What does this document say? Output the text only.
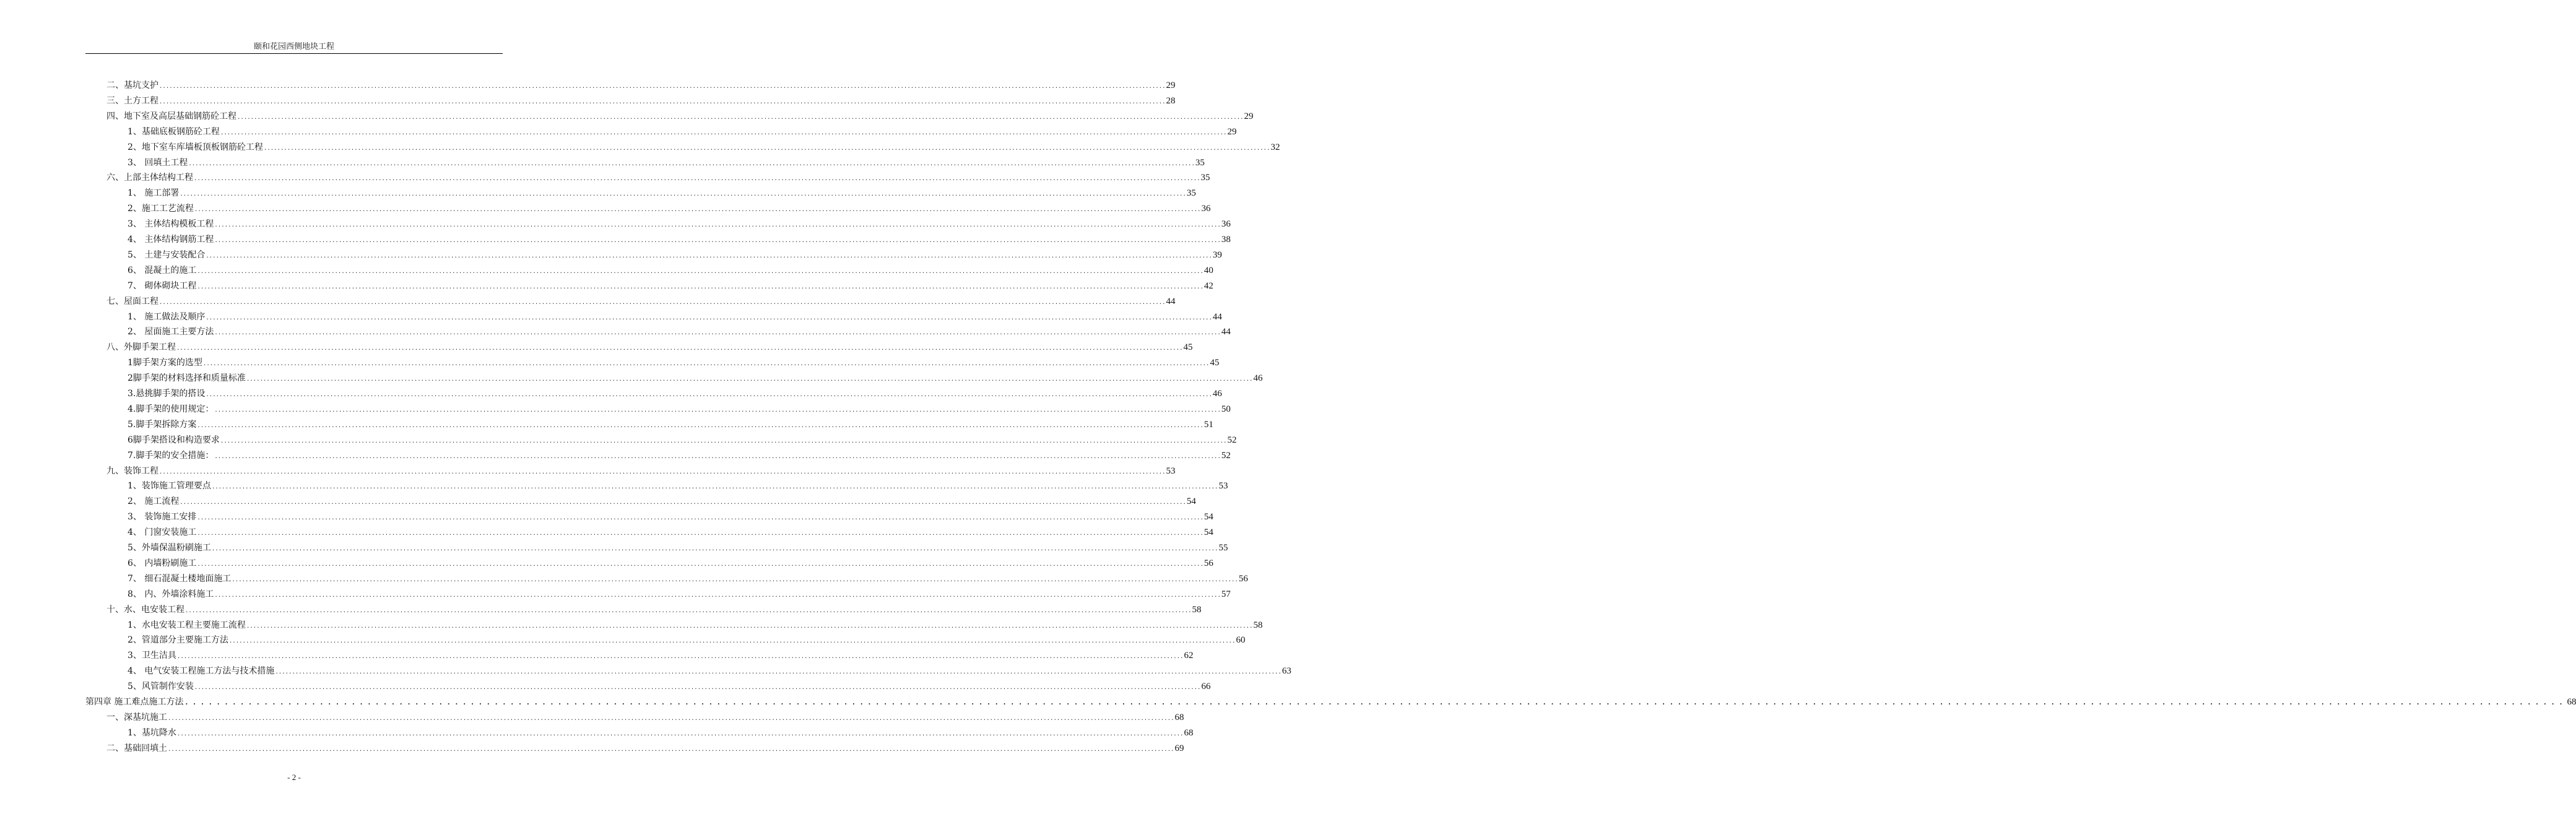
颐和花园西侧地块工程
二、基坑支护 ............................................................................................................................................................................................................................................................................................................ 29
三、土方工程 ............................................................................................................................................................................................................................................................................................................ 28
四、地下室及高层基础钢筋砼工程 ............................................................................................................................................................................................................................................................................................................ 29
1、基础底板钢筋砼工程 ............................................................................................................................................................................................................................................................................................................ 29
2、地下室车库墙板顶板钢筋砼工程 ............................................................................................................................................................................................................................................................................................................ 32
3、 回填土工程 ............................................................................................................................................................................................................................................................................................................ 35
六、上部主体结构工程 ............................................................................................................................................................................................................................................................................................................ 35
1、 施工部署 ............................................................................................................................................................................................................................................................................................................ 35
2、施工工艺流程 ............................................................................................................................................................................................................................................................................................................ 36
3、 主体结构模板工程 ............................................................................................................................................................................................................................................................................................................ 36
4、 主体结构钢筋工程 ............................................................................................................................................................................................................................................................................................................ 38
5、 土建与安装配合 ............................................................................................................................................................................................................................................................................................................ 39
6、 混凝土的施工 ............................................................................................................................................................................................................................................................................................................ 40
7、 砌体砌块工程 ............................................................................................................................................................................................................................................................................................................ 42
七、屋面工程 ............................................................................................................................................................................................................................................................................................................ 44
1、 施工做法及顺序 ............................................................................................................................................................................................................................................................................................................ 44
2、 屋面施工主要方法 ............................................................................................................................................................................................................................................................................................................ 44
八、外脚手架工程 ............................................................................................................................................................................................................................................................................................................ 45
1脚手架方案的选型 ............................................................................................................................................................................................................................................................................................................ 45
2脚手架的材料选择和质量标准 ............................................................................................................................................................................................................................................................................................................ 46
3.悬挑脚手架的搭设 ............................................................................................................................................................................................................................................................................................................ 46
4.脚手架的使用规定： ............................................................................................................................................................................................................................................................................................................ 50
5.脚手架拆除方案 ............................................................................................................................................................................................................................................................................................................ 51
6脚手架搭设和构造要求 ............................................................................................................................................................................................................................................................................................................ 52
7.脚手架的安全措施： ............................................................................................................................................................................................................................................................................................................ 52
九、装饰工程 ............................................................................................................................................................................................................................................................................................................ 53
1、装饰施工管理要点 ............................................................................................................................................................................................................................................................................................................ 53
2、 施工流程 ............................................................................................................................................................................................................................................................................................................ 54
3、 装饰施工安排 ............................................................................................................................................................................................................................................................................................................ 54
4、 门窗安装施工 ............................................................................................................................................................................................................................................................................................................ 54
5、外墙保温粉刷施工 ............................................................................................................................................................................................................................................................................................................ 55
6、 内墙粉刷施工 ............................................................................................................................................................................................................................................................................................................ 56
7、 细石混凝土楼地面施工 ............................................................................................................................................................................................................................................................................................................ 56
8、 内、外墙涂料施工 ............................................................................................................................................................................................................................................................................................................ 57
十、水、电安装工程 ............................................................................................................................................................................................................................................................................................................ 58
1、水电安装工程主要施工流程 ............................................................................................................................................................................................................................................................................................................ 58
2、管道部分主要施工方法 ............................................................................................................................................................................................................................................................................................................ 60
3、卫生洁具 ............................................................................................................................................................................................................................................................................................................ 62
4、 电气安装工程施工方法与技术措施 ............................................................................................................................................................................................................................................................................................................ 63
5、风管制作安装 ............................................................................................................................................................................................................................................................................................................ 66
第四章 施工难点施工方法 ............................................................................................................................................................................................................................................................................................................ 68
一、深基坑施工 ............................................................................................................................................................................................................................................................................................................ 68
1、基坑降水 ............................................................................................................................................................................................................................................................................................................ 68
二、基础回填土 ............................................................................................................................................................................................................................................................................................................ 69
- 2 -
